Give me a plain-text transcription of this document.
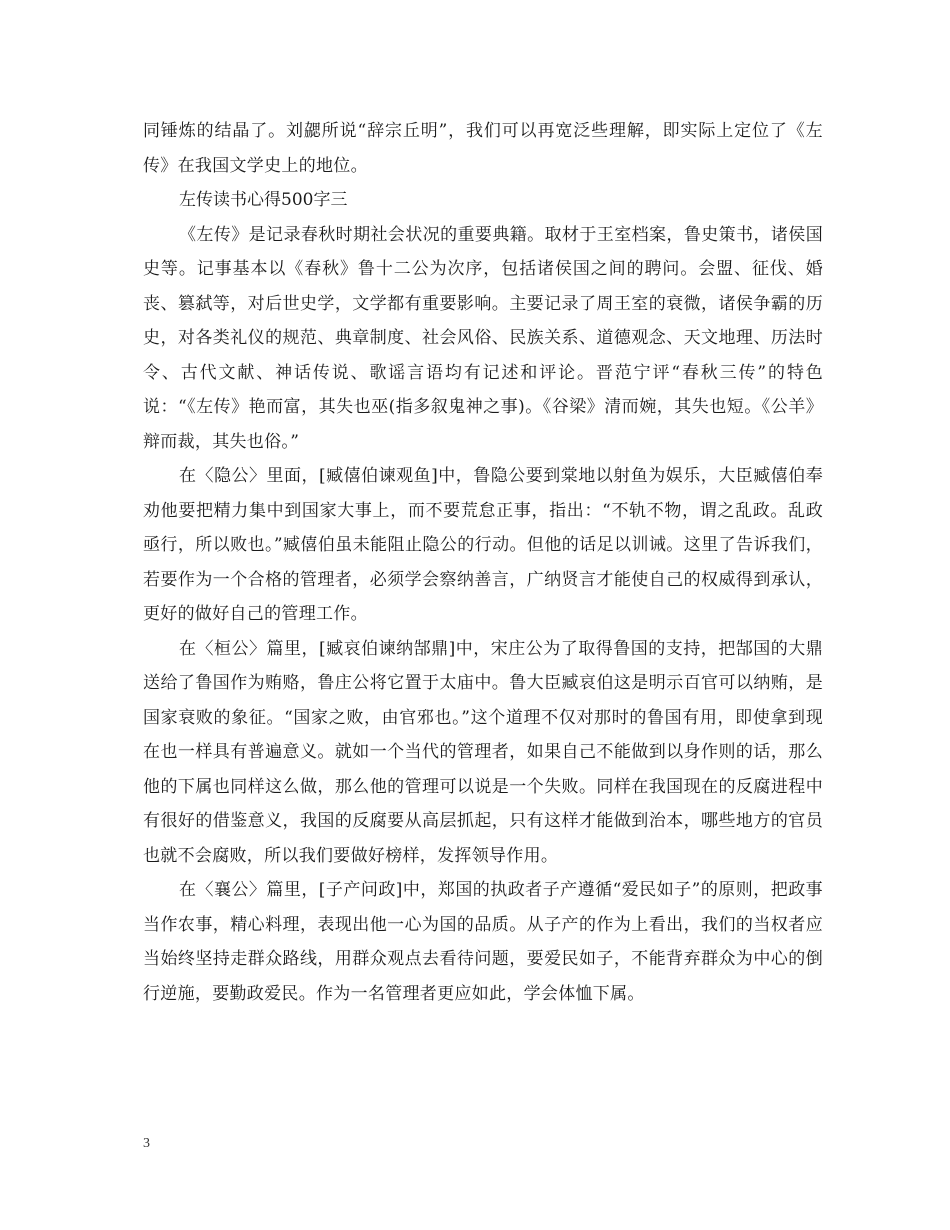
同锤炼的结晶了。刘勰所说“辞宗丘明”，我们可以再宽泛些理解，即实际上定位了《左传》在我国文学史上的地位。

左传读书心得500字三

《左传》是记录春秋时期社会状况的重要典籍。取材于王室档案，鲁史策书，诸侯国史等。记事基本以《春秋》鲁十二公为次序，包括诸侯国之间的聘问。会盟、征伐、婚丧、篡弑等，对后世史学，文学都有重要影响。主要记录了周王室的衰微，诸侯争霸的历史，对各类礼仪的规范、典章制度、社会风俗、民族关系、道德观念、天文地理、历法时令、古代文献、神话传说、歌谣言语均有记述和评论。晋范宁评“春秋三传”的特色说：“《左传》艳而富，其失也巫(指多叙鬼神之事)。《谷梁》清而婉，其失也短。《公羊》辩而裁，其失也俗。”

在〈隐公〉里面，[臧僖伯谏观鱼]中，鲁隐公要到棠地以射鱼为娱乐，大臣臧僖伯奉劝他要把精力集中到国家大事上，而不要荒怠正事，指出：“不轨不物，谓之乱政。乱政亟行，所以败也。”臧僖伯虽未能阻止隐公的行动。但他的话足以训诫。这里了告诉我们，若要作为一个合格的管理者，必须学会察纳善言，广纳贤言才能使自己的权威得到承认，更好的做好自己的管理工作。

在〈桓公〉篇里，[臧哀伯谏纳郜鼎]中，宋庄公为了取得鲁国的支持，把郜国的大鼎送给了鲁国作为贿赂，鲁庄公将它置于太庙中。鲁大臣臧哀伯这是明示百官可以纳贿，是国家衰败的象征。“国家之败，由官邪也。”这个道理不仅对那时的鲁国有用，即使拿到现在也一样具有普遍意义。就如一个当代的管理者，如果自己不能做到以身作则的话，那么他的下属也同样这么做，那么他的管理可以说是一个失败。同样在我国现在的反腐进程中有很好的借鉴意义，我国的反腐要从高层抓起，只有这样才能做到治本，哪些地方的官员也就不会腐败，所以我们要做好榜样，发挥领导作用。

在〈襄公〉篇里，[子产问政]中，郑国的执政者子产遵循“爱民如子”的原则，把政事当作农事，精心料理，表现出他一心为国的品质。从子产的作为上看出，我们的当权者应当始终坚持走群众路线，用群众观点去看待问题，要爱民如子，不能背弃群众为中心的倒行逆施，要勤政爱民。作为一名管理者更应如此，学会体恤下属。

3
